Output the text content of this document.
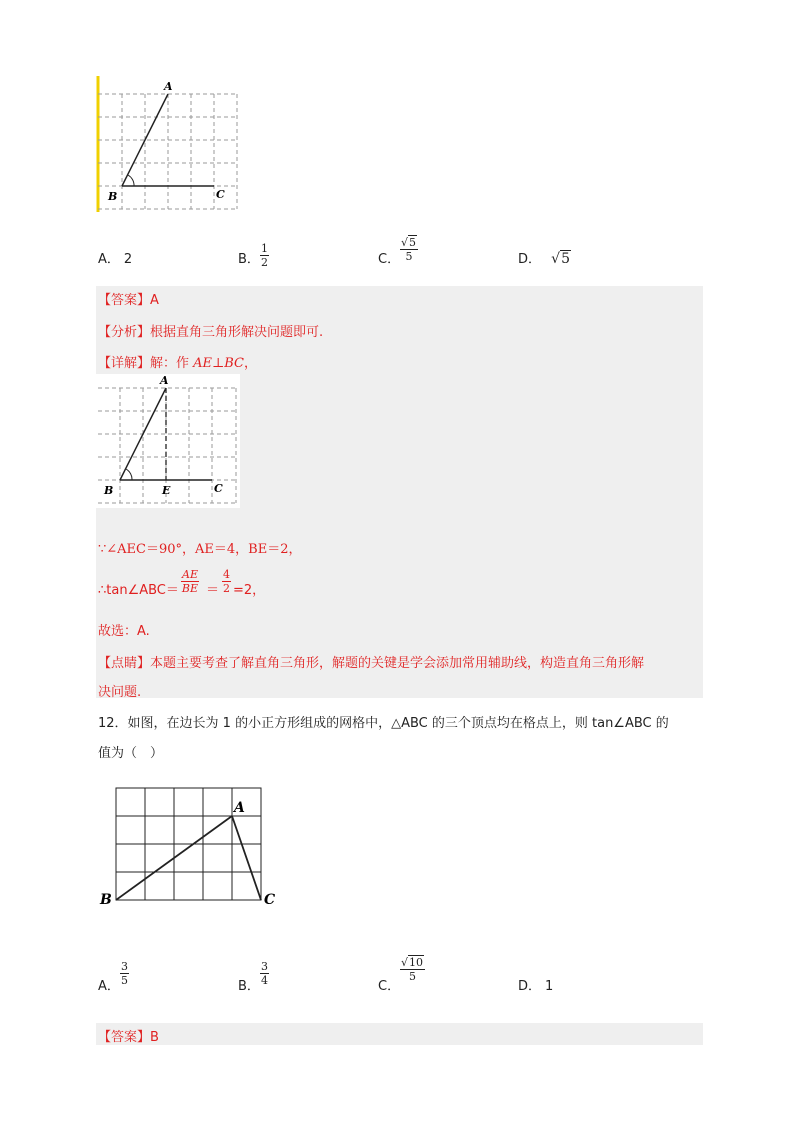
A
B	C
A． 2	B． $\frac{1}{2}$	C． $\frac{√5}{5}$	D． √5
【答案】A
【分析】根据直角三角形解决问题即可.
【详解】解：作 AE⊥BC，
A
B	E	C
∵∠AEC＝90°，AE＝4，BE＝2，
∴tan∠ABC＝ $\frac{AE}{BE} = \frac{4}{2} =2$，
故选：A.
【点睛】本题主要考查了解直角三角形，解题的关键是学会添加常用辅助线，构造直角三角形解
决问题.
12．如图，在边长为 1 的小正方形组成的网格中，△ABC 的三个顶点均在格点上，则 tan∠ABC 的
值为（　）
A
B	C
A． $\frac{3}{5}$	B． $\frac{3}{4}$	C．
$\frac{√10}{5}$
D． 1
【答案】B
